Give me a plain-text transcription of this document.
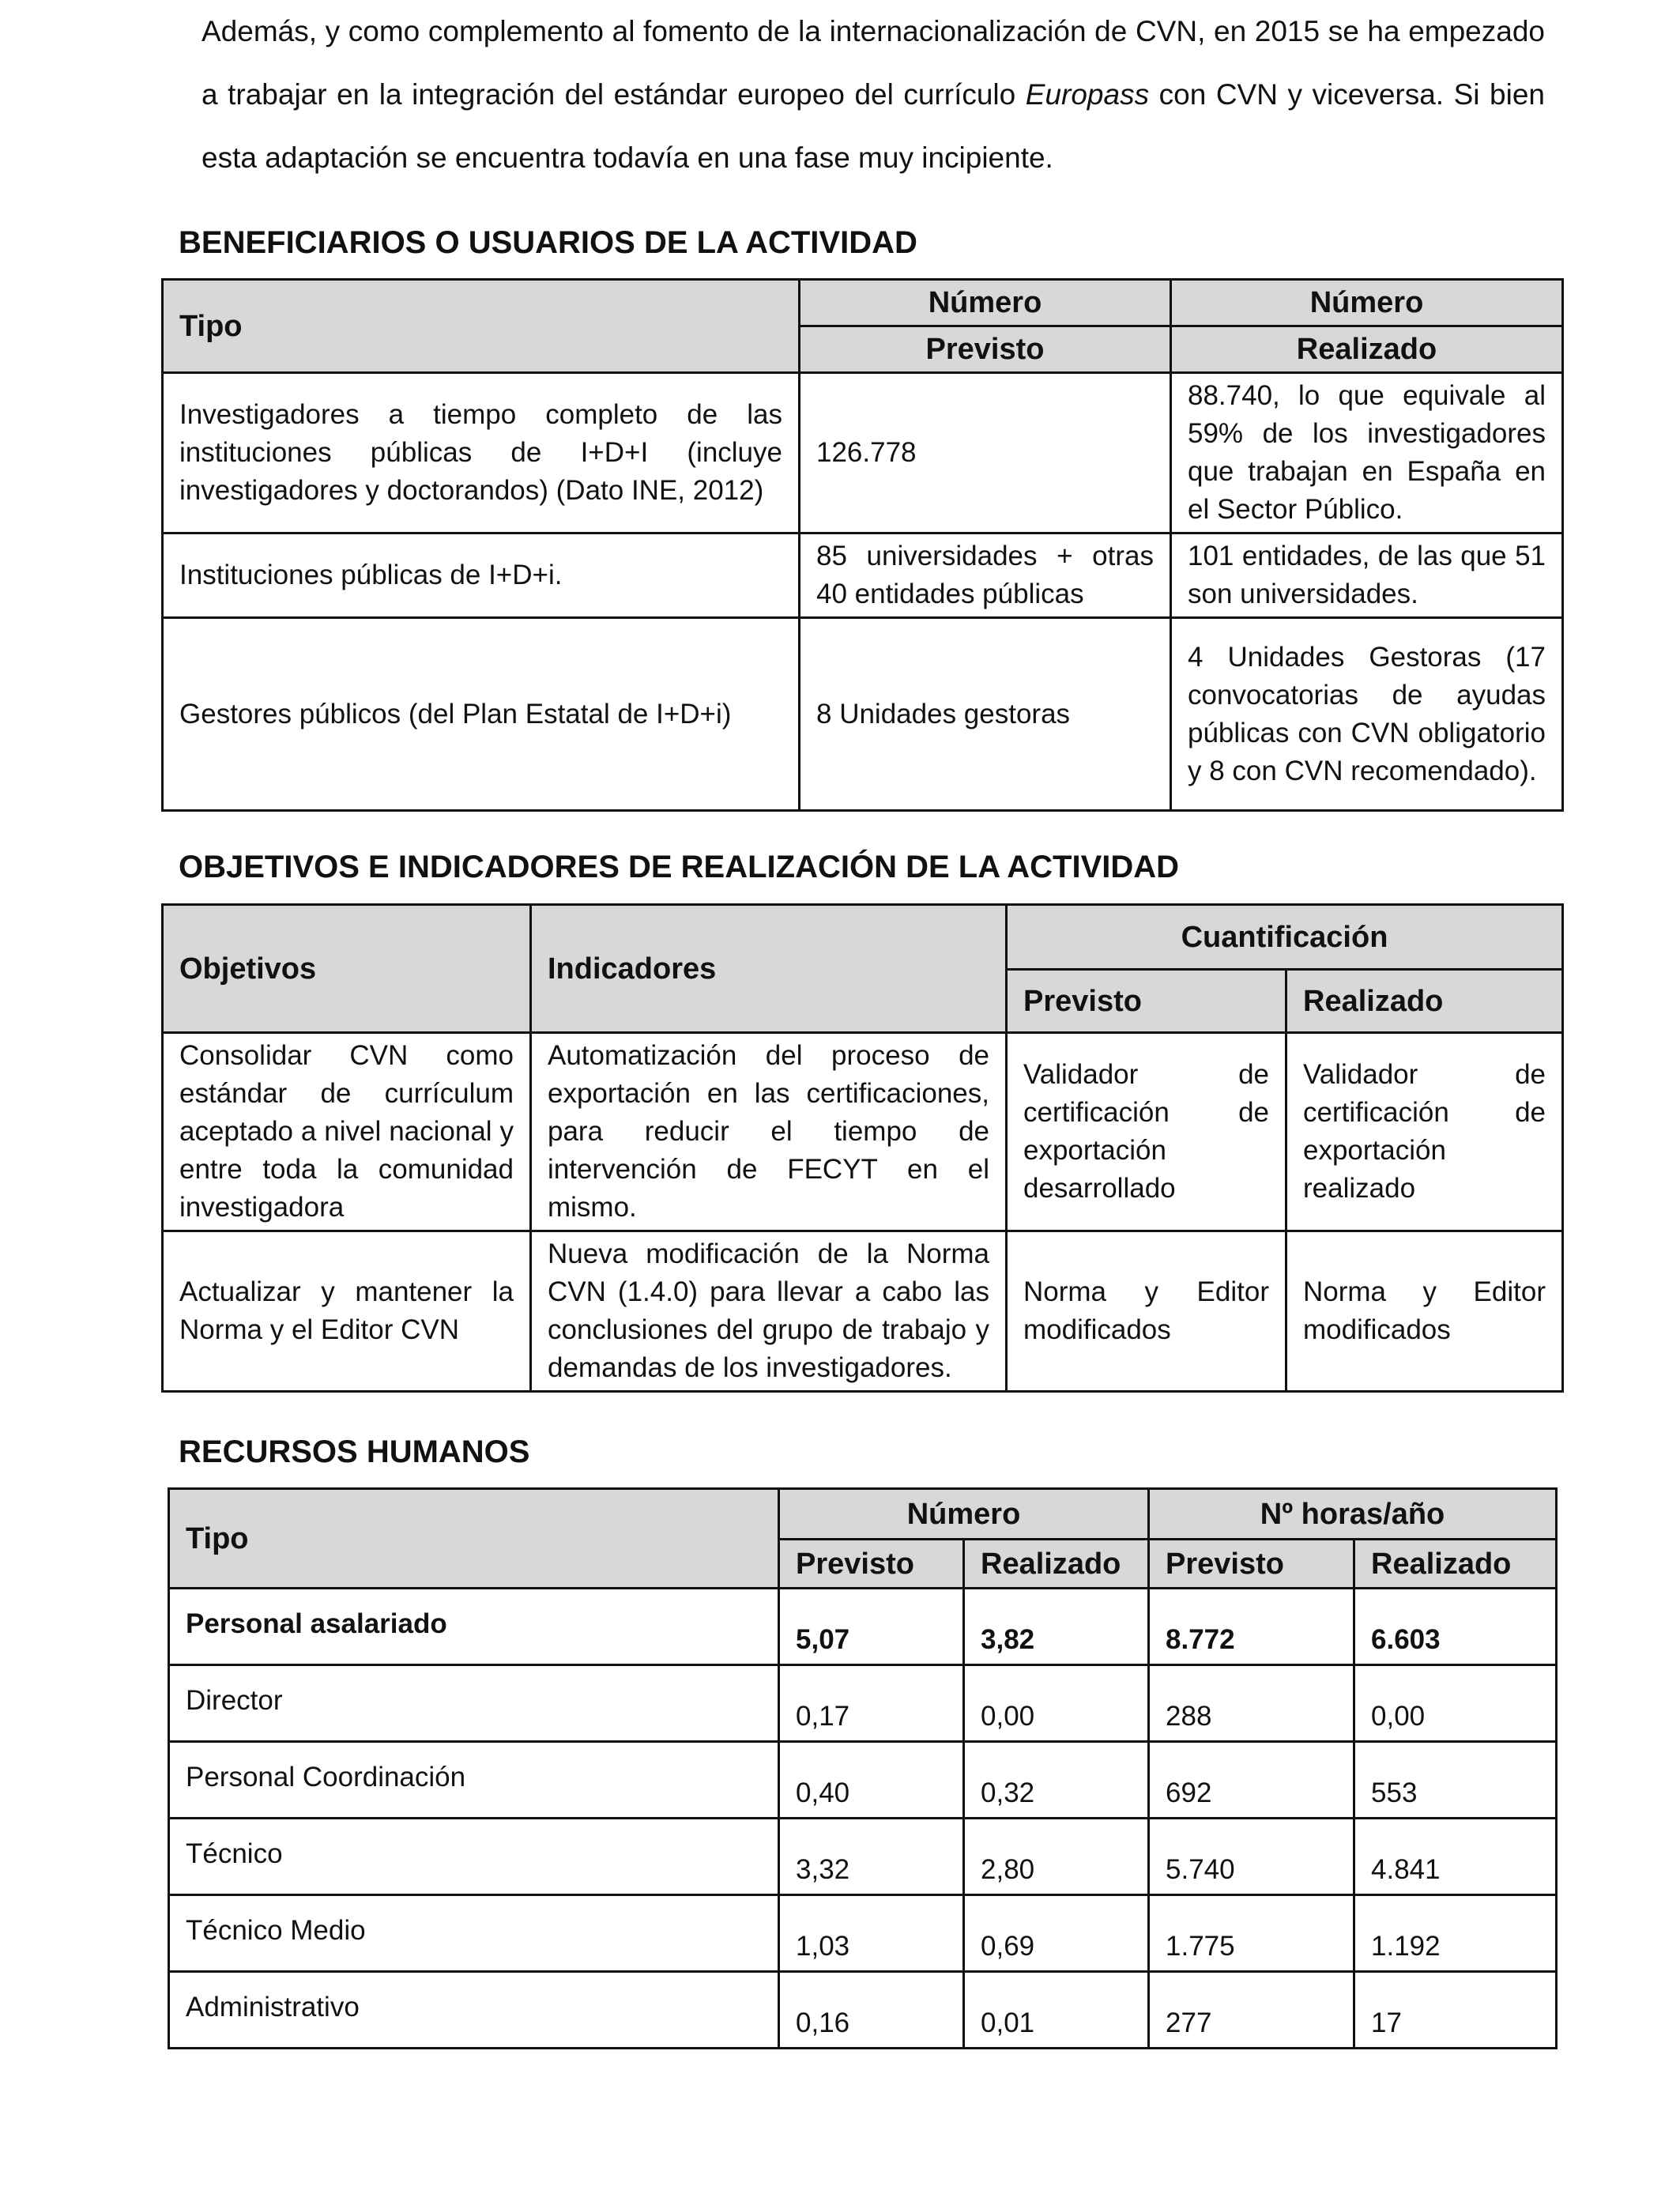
Además, y como complemento al fomento de la internacionalización de CVN, en 2015 se ha empezado a trabajar en la integración del estándar europeo del currículo Europass con CVN y viceversa. Si bien esta adaptación se encuentra todavía en una fase muy incipiente.

BENEFICIARIOS O USUARIOS DE LA ACTIVIDAD
Tipo	Número	Número
	Previsto	Realizado
Investigadores a tiempo completo de las instituciones públicas de I+D+I (incluye investigadores y doctorandos) (Dato INE, 2012)	126.778	88.740, lo que equivale al 59% de los investigadores que trabajan en España en el Sector Público.
Instituciones públicas de I+D+i.	85 universidades + otras 40 entidades públicas	101 entidades, de las que 51 son universidades.
Gestores públicos (del Plan Estatal de I+D+i)	8 Unidades gestoras	4 Unidades Gestoras (17 convocatorias de ayudas públicas con CVN obligatorio y 8 con CVN recomendado).
OBJETIVOS E INDICADORES DE REALIZACIÓN DE LA ACTIVIDAD
Objetivos	Indicadores	Cuantificación	
		Previsto	Realizado
Consolidar CVN como estándar de currículum aceptado a nivel nacional y entre toda la comunidad investigadora	Automatización del proceso de exportación en las certificaciones, para reducir el tiempo de intervención de FECYT en el mismo.	Validador de certificación de exportación desarrollado	Validador de certificación de exportación realizado
Actualizar y mantener la Norma y el Editor CVN	Nueva modificación de la Norma CVN (1.4.0) para llevar a cabo las conclusiones del grupo de trabajo y demandas de los investigadores.	Norma y Editor modificados	Norma y Editor modificados
RECURSOS HUMANOS
Tipo	Número		Nº horas/año	
	Previsto	Realizado	Previsto	Realizado
Personal asalariado	5,07	3,82	8.772	6.603
Director	0,17	0,00	288	0,00
Personal Coordinación	0,40	0,32	692	553
Técnico	3,32	2,80	5.740	4.841
Técnico Medio	1,03	0,69	1.775	1.192
Administrativo	0,16	0,01	277	17
